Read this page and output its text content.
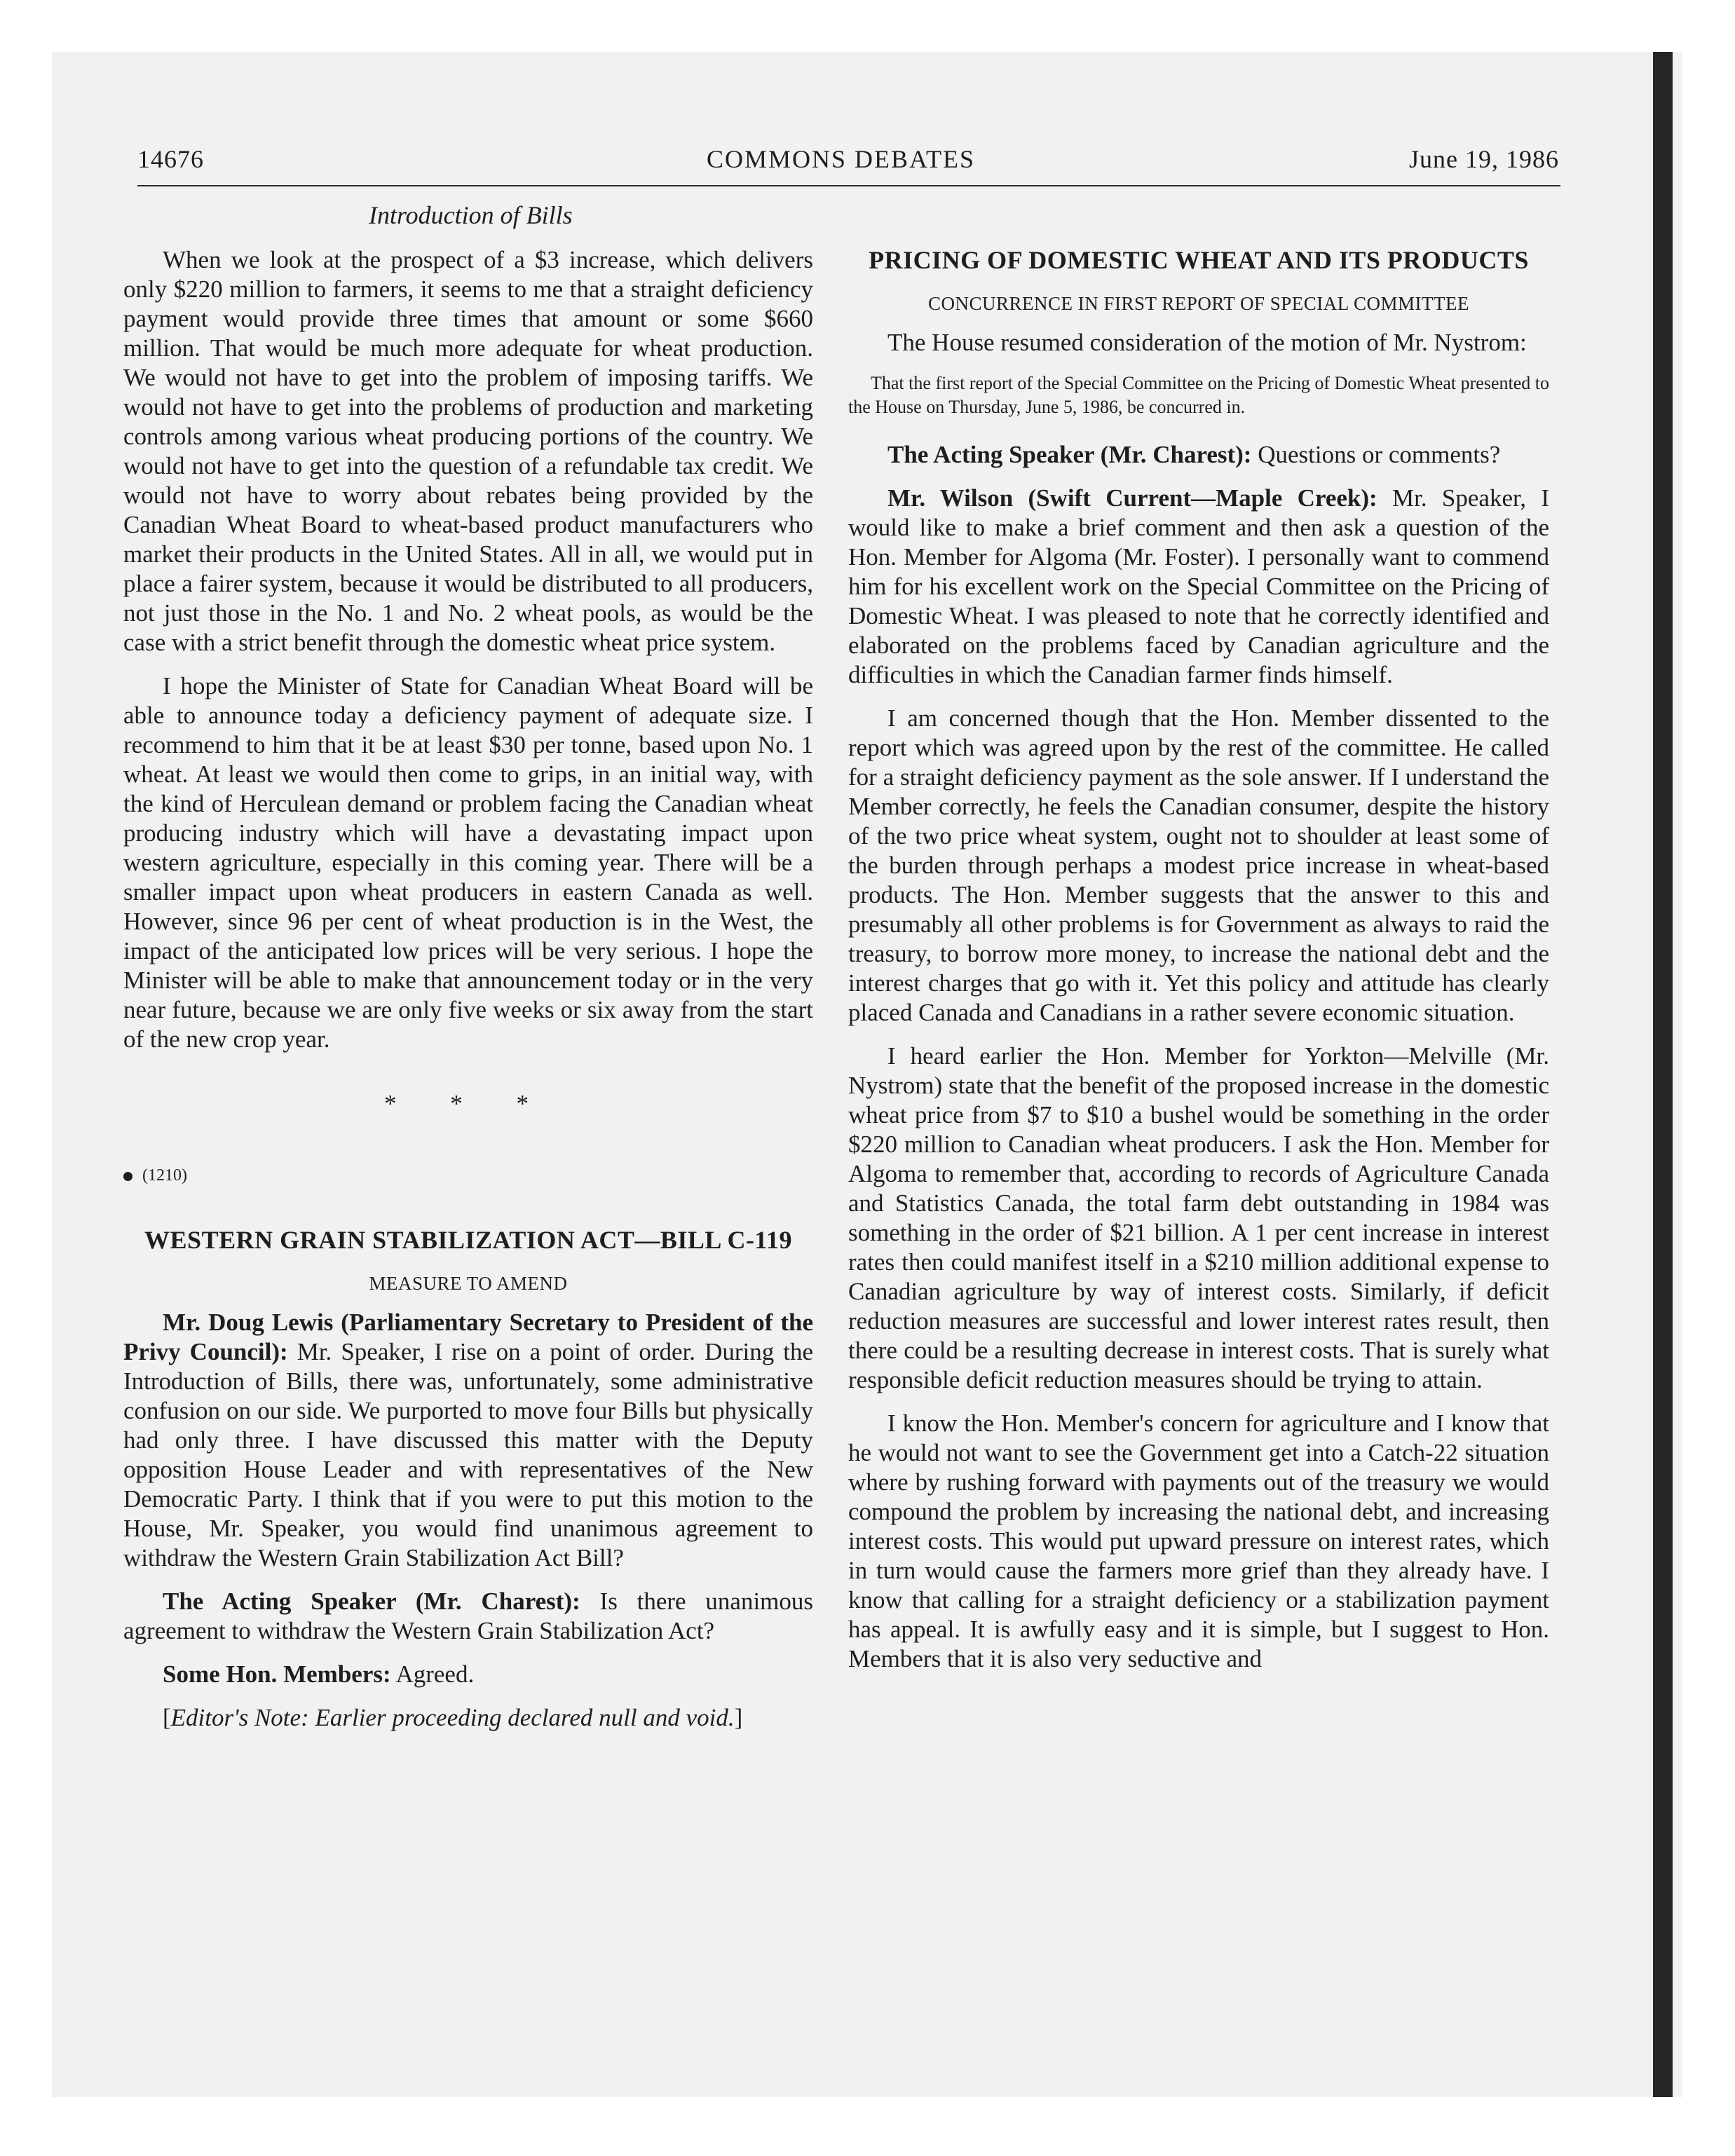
14676	COMMONS DEBATES	June 19, 1986
Introduction of Bills

When we look at the prospect of a $3 increase, which delivers only $220 million to farmers, it seems to me that a straight deficiency payment would provide three times that amount or some $660 million. That would be much more adequate for wheat production. We would not have to get into the problem of imposing tariffs. We would not have to get into the problems of production and marketing controls among various wheat producing portions of the country. We would not have to get into the question of a refundable tax credit. We would not have to worry about rebates being provided by the Canadian Wheat Board to wheat-based product manufacturers who market their products in the United States. All in all, we would put in place a fairer system, because it would be distributed to all producers, not just those in the No. 1 and No. 2 wheat pools, as would be the case with a strict benefit through the domestic wheat price system.

I hope the Minister of State for Canadian Wheat Board will be able to announce today a deficiency payment of adequate size. I recommend to him that it be at least $30 per tonne, based upon No. 1 wheat. At least we would then come to grips, in an initial way, with the kind of Herculean demand or problem facing the Canadian wheat producing industry which will have a devastating impact upon western agriculture, especially in this coming year. There will be a smaller impact upon wheat producers in eastern Canada as well. However, since 96 per cent of wheat production is in the West, the impact of the anticipated low prices will be very serious. I hope the Minister will be able to make that announcement today or in the very near future, because we are only five weeks or six away from the start of the new crop year.

* * *

(1210)

WESTERN GRAIN STABILIZATION ACT—BILL C-119
MEASURE TO AMEND

Mr. Doug Lewis (Parliamentary Secretary to President of the Privy Council): Mr. Speaker, I rise on a point of order. During the Introduction of Bills, there was, unfortunately, some administrative confusion on our side. We purported to move four Bills but physically had only three. I have discussed this matter with the Deputy opposition House Leader and with representatives of the New Democratic Party. I think that if you were to put this motion to the House, Mr. Speaker, you would find unanimous agreement to withdraw the Western Grain Stabilization Act Bill?

The Acting Speaker (Mr. Charest): Is there unanimous agreement to withdraw the Western Grain Stabilization Act?

Some Hon. Members: Agreed.

[Editor's Note: Earlier proceeding declared null and void.]

PRICING OF DOMESTIC WHEAT AND ITS PRODUCTS
CONCURRENCE IN FIRST REPORT OF SPECIAL COMMITTEE

The House resumed consideration of the motion of Mr. Nystrom:

That the first report of the Special Committee on the Pricing of Domestic Wheat presented to the House on Thursday, June 5, 1986, be concurred in.

The Acting Speaker (Mr. Charest): Questions or comments?

Mr. Wilson (Swift Current—Maple Creek): Mr. Speaker, I would like to make a brief comment and then ask a question of the Hon. Member for Algoma (Mr. Foster). I personally want to commend him for his excellent work on the Special Committee on the Pricing of Domestic Wheat. I was pleased to note that he correctly identified and elaborated on the problems faced by Canadian agriculture and the difficulties in which the Canadian farmer finds himself.

I am concerned though that the Hon. Member dissented to the report which was agreed upon by the rest of the committee. He called for a straight deficiency payment as the sole answer. If I understand the Member correctly, he feels the Canadian consumer, despite the history of the two price wheat system, ought not to shoulder at least some of the burden through perhaps a modest price increase in wheat-based products. The Hon. Member suggests that the answer to this and presumably all other problems is for Government as always to raid the treasury, to borrow more money, to increase the national debt and the interest charges that go with it. Yet this policy and attitude has clearly placed Canada and Canadians in a rather severe economic situation.

I heard earlier the Hon. Member for Yorkton—Melville (Mr. Nystrom) state that the benefit of the proposed increase in the domestic wheat price from $7 to $10 a bushel would be something in the order $220 million to Canadian wheat producers. I ask the Hon. Member for Algoma to remember that, according to records of Agriculture Canada and Statistics Canada, the total farm debt outstanding in 1984 was something in the order of $21 billion. A 1 per cent increase in interest rates then could manifest itself in a $210 million additional expense to Canadian agriculture by way of interest costs. Similarly, if deficit reduction measures are successful and lower interest rates result, then there could be a resulting decrease in interest costs. That is surely what responsible deficit reduction measures should be trying to attain.

I know the Hon. Member's concern for agriculture and I know that he would not want to see the Government get into a Catch-22 situation where by rushing forward with payments out of the treasury we would compound the problem by increasing the national debt, and increasing interest costs. This would put upward pressure on interest rates, which in turn would cause the farmers more grief than they already have. I know that calling for a straight deficiency or a stabilization payment has appeal. It is awfully easy and it is simple, but I suggest to Hon. Members that it is also very seductive and
